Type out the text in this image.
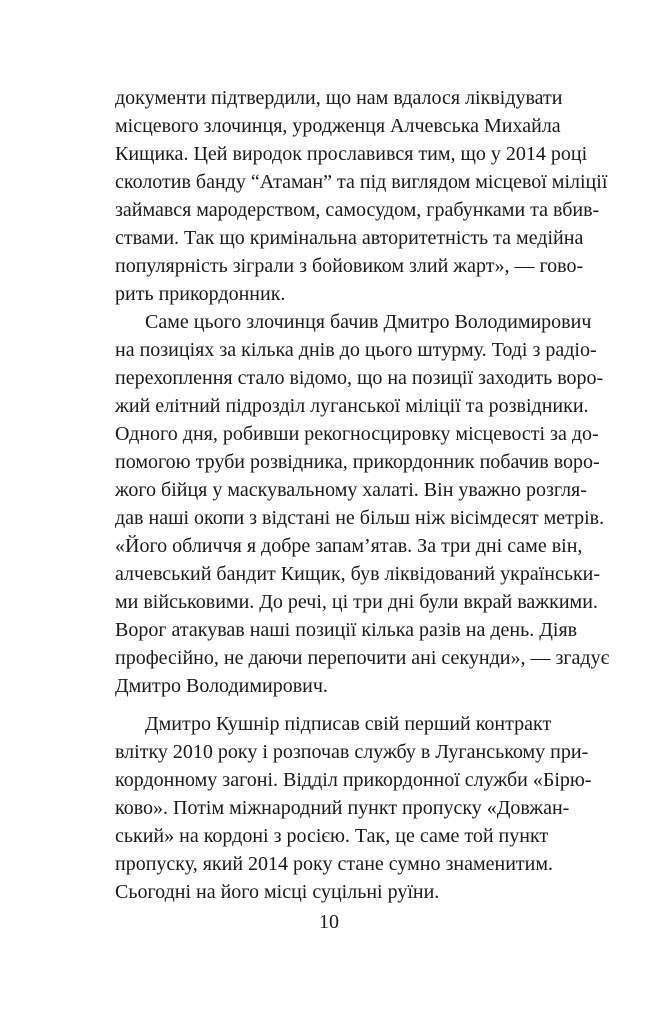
документи підтвердили, що нам вдалося ліквідувати
місцевого злочинця, уродженця Алчевська Михайла
Кищика. Цей виродок прославився тим, що у 2014 році
сколотив банду “Атаман” та під виглядом місцевої міліції
займався мародерством, самосудом, грабунками та вбив-
ствами. Так що кримінальна авторитетність та медійна
популярність зіграли з бойовиком злий жарт», — гово-
рить прикордонник.
Саме цього злочинця бачив Дмитро Володимирович
на позиціях за кілька днів до цього штурму. Тоді з радіо-
перехоплення стало відомо, що на позиції заходить воро-
жий елітний підрозділ луганської міліції та розвідники.
Одного дня, робивши рекогносцировку місцевості за до-
помогою труби розвідника, прикордонник побачив воро-
жого бійця у маскувальному халаті. Він уважно розгля-
дав наші окопи з відстані не більш ніж вісімдесят метрів.
«Його обличчя я добре запам’ятав. За три дні саме він,
алчевський бандит Кищик, був ліквідований українськи-
ми військовими. До речі, ці три дні були вкрай важкими.
Ворог атакував наші позиції кілька разів на день. Діяв
професійно, не даючи перепочити ані секунди», — згадує
Дмитро Володимирович.
Дмитро Кушнір підписав свій перший контракт
влітку 2010 року і розпочав службу в Луганському при-
кордонному загоні. Відділ прикордонної служби «Бірю-
ково». Потім міжнародний пункт пропуску «Довжан-
ський» на кордоні з росією. Так, це саме той пункт
пропуску, який 2014 року стане сумно знаменитим.
Сьогодні на його місці суцільні руїни.
10
